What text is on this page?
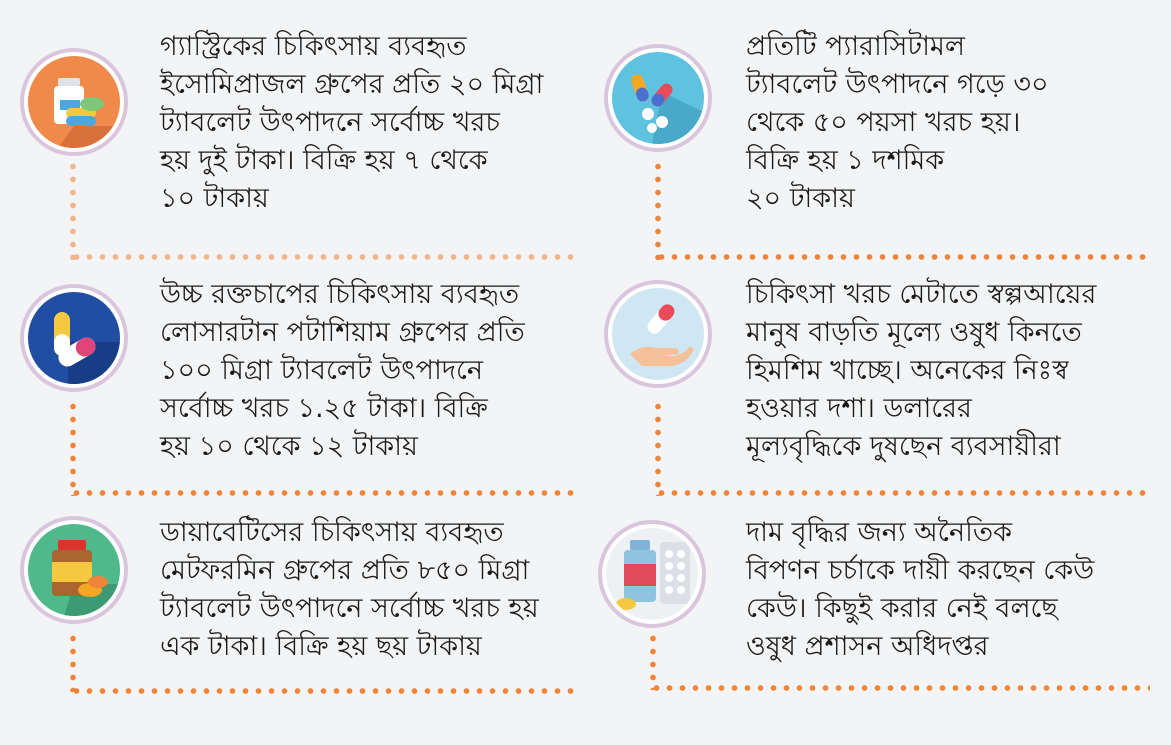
গ্যাস্ট্রিকের চিকিৎসায় ব্যবহৃত
ইসোমিপ্রাজল গ্রুপের প্রতি ২০ মিগ্রা
ট্যাবলেট উৎপাদনে সর্বোচ্চ খরচ
হয় দুই টাকা। বিক্রি হয় ৭ থেকে
১০ টাকায়
প্রতিটি প্যারাসিটামল
ট্যাবলেট উৎপাদনে গড়ে ৩০
থেকে ৫০ পয়সা খরচ হয়।
বিক্রি হয় ১ দশমিক
২০ টাকায়
উচ্চ রক্তচাপের চিকিৎসায় ব্যবহৃত
লোসারটান পটাশিয়াম গ্রুপের প্রতি
১০০ মিগ্রা ট্যাবলেট উৎপাদনে
সর্বোচ্চ খরচ ১.২৫ টাকা। বিক্রি
হয় ১০ থেকে ১২ টাকায়
চিকিৎসা খরচ মেটাতে স্বল্পআয়ের
মানুষ বাড়তি মূল্যে ওষুধ কিনতে
হিমশিম খাচ্ছে। অনেকের নিঃস্ব
হওয়ার দশা। ডলারের
মূল্যবৃদ্ধিকে দুষছেন ব্যবসায়ীরা
ডায়াবেটিসের চিকিৎসায় ব্যবহৃত
মেটফরমিন গ্রুপের প্রতি ৮৫০ মিগ্রা
ট্যাবলেট উৎপাদনে সর্বোচ্চ খরচ হয়
এক টাকা। বিক্রি হয় ছয় টাকায়
দাম বৃদ্ধির জন্য অনৈতিক
বিপণন চর্চাকে দায়ী করছেন কেউ
কেউ। কিছুই করার নেই বলছে
ওষুধ প্রশাসন অধিদপ্তর
